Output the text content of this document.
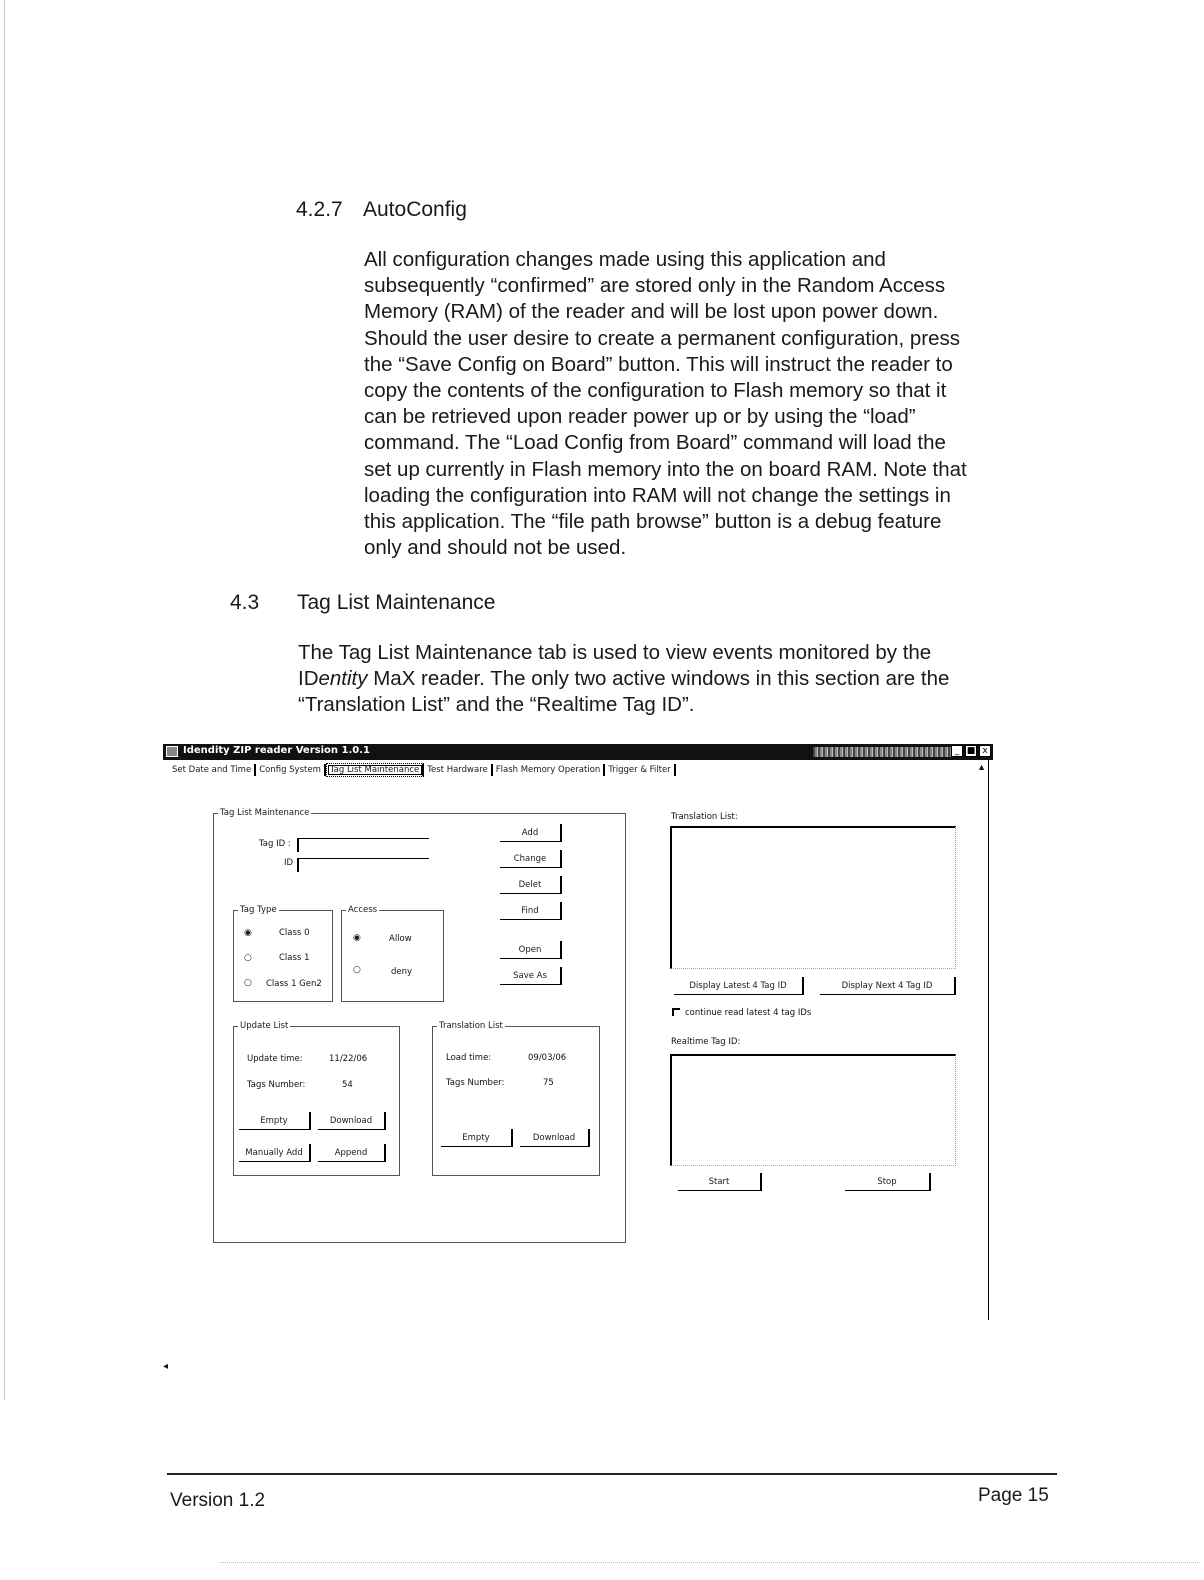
4.2.7 AutoConfig
All configuration changes made using this application and
subsequently “confirmed” are stored only in the Random Access
Memory (RAM) of the reader and will be lost upon power down.
Should the user desire to create a permanent configuration, press
the “Save Config on Board” button. This will instruct the reader to
copy the contents of the configuration to Flash memory so that it
can be retrieved upon reader power up or by using the “load”
command. The “Load Config from Board” command will load the
set up currently in Flash memory into the on board RAM. Note that
loading the configuration into RAM will not change the settings in
this application. The “file path browse” button is a debug feature
only and should not be used.
4.3 Tag List Maintenance
The Tag List Maintenance tab is used to view events monitored by the
IDentity MaX reader. The only two active windows in this section are the
“Translation List” and the “Realtime Tag ID”.
Idendity ZIP reader Version 1.0.1	_ ■ x
Set Date and Time Config System	Tag List Maintenance Test Hardware Flash Memory Operation Trigger & Filter
Tag List Maintenance
Tag ID :
ID
Add
Change
Delet
Find
Open
Save As
Tag Type
◉	Class 0
○	Class 1
○ Class 1 Gen2
Access
◉	Allow
○	deny
Update List
Update time:	11/22/06
Tags Number:	54
Empty	Download
Manually Add	Append
Translation List
Load time:	09/03/06
Tags Number:	75
Empty	Download
Translation List:
Display Latest 4 Tag ID	Display Next 4 Tag ID
continue read latest 4 tag IDs
Realtime Tag ID:
Start	Stop
▲
◂
Version 1.2	Page 15
